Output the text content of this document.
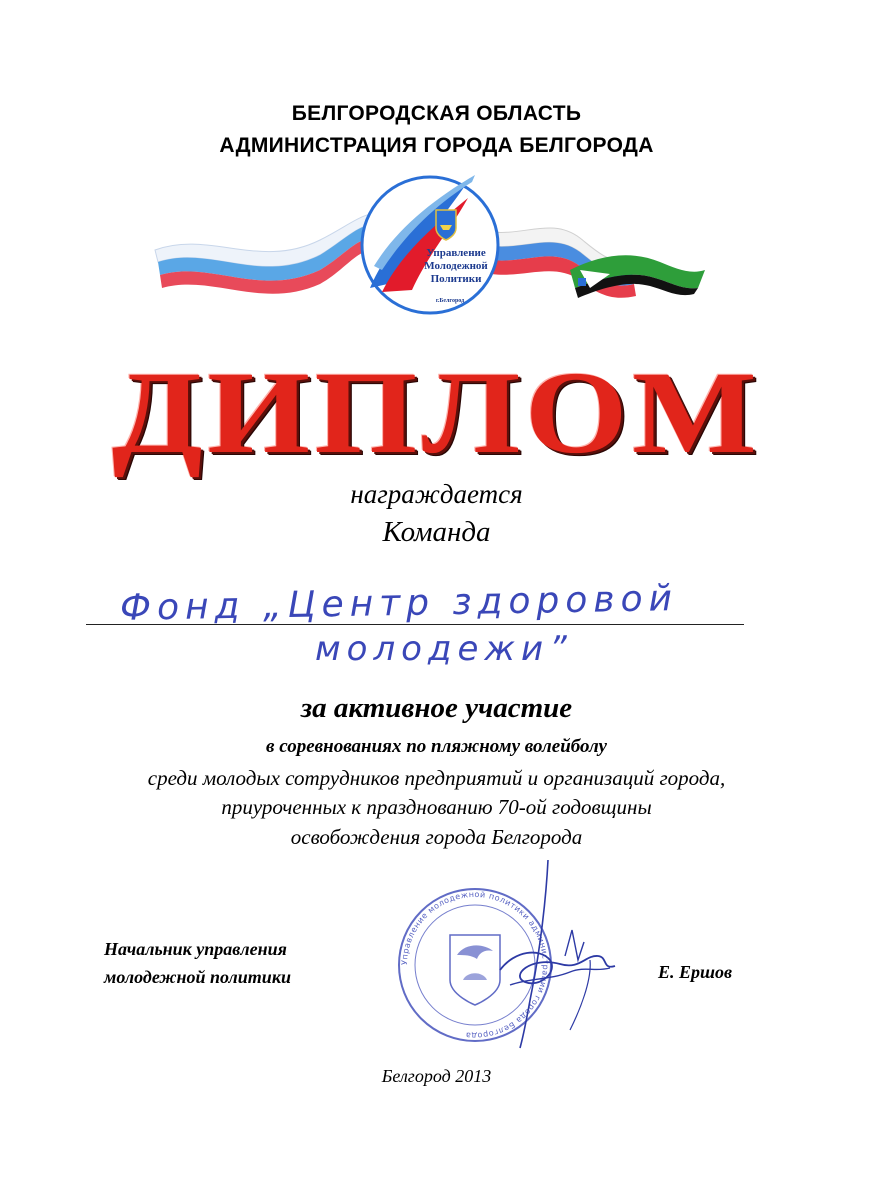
БЕЛГОРОДСКАЯ ОБЛАСТЬ
АДМИНИСТРАЦИЯ ГОРОДА БЕЛГОРОДА
Управление
Молодежной
Политики
г.Белгород
ДИПЛОМ
награждается
Команда
Фонд „Центр здоровой
молодежи”
за активное участие
в соревнованиях по пляжному волейболу
среди молодых сотрудников предприятий и организаций города,
приуроченных к празднованию 70-ой годовщины
освобождения города Белгорода
Начальник управления
молодежной политики
Управление молодежной политики администрации города Белгорода
Е. Ершов
Белгород 2013
